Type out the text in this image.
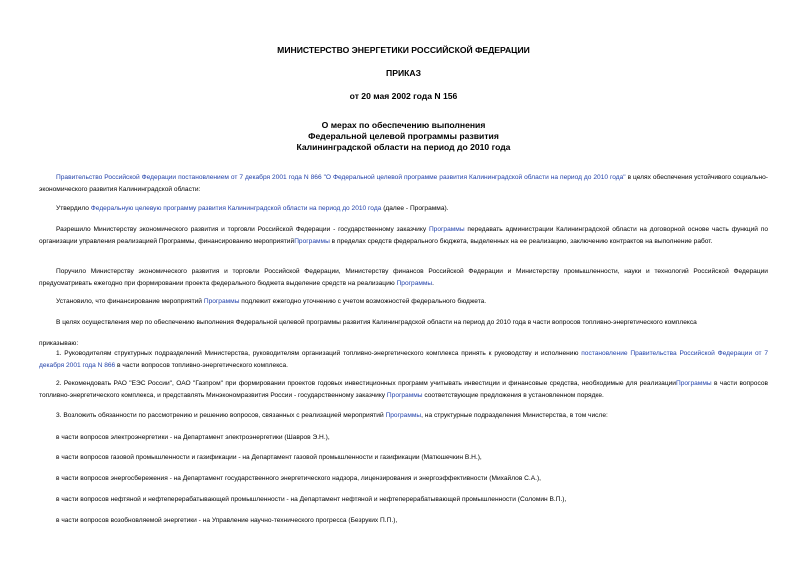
МИНИСТЕРСТВО ЭНЕРГЕТИКИ РОССИЙСКОЙ ФЕДЕРАЦИИ
ПРИКАЗ
от 20 мая 2002 года N 156
О мерах по обеспечению выполнения
Федеральной целевой программы развития
Калининградской области на период до 2010 года

Правительство Российской Федерации постановлением от 7 декабря 2001 года N 866 "О Федеральной целевой программе развития Калининградской области на период до 2010 года" в целях обеспечения устойчивого социально-экономического развития Калининградской области:

Утвердило Федеральную целевую программу развития Калининградской области на период до 2010 года (далее - Программа).

Разрешило Министерству экономического развития и торговли Российской Федерации - государственному заказчику Программы передавать администрации Калининградской области на договорной основе часть функций по организации управления реализацией Программы, финансированию мероприятийПрограммы в пределах средств федерального бюджета, выделенных на ее реализацию, заключению контрактов на выполнение работ.

Поручило Министерству экономического развития и торговли Российской Федерации, Министерству финансов Российской Федерации и Министерству промышленности, науки и технологий Российской Федерации предусматривать ежегодно при формировании проекта федерального бюджета выделение средств на реализацию Программы.

Установило, что финансирование мероприятий Программы подлежит ежегодно уточнению с учетом возможностей федерального бюджета.

В целях осуществления мер по обеспечению выполнения Федеральной целевой программы развития Калининградской области на период до 2010 года в части вопросов топливно-энергетического комплекса

приказываю:

1. Руководителям структурных подразделений Министерства, руководителям организаций топливно-энергетического комплекса принять к руководству и исполнению постановление Правительства Российской Федерации от 7 декабря 2001 года N 866 в части вопросов топливно-энергетического комплекса.

2. Рекомендовать РАО "ЕЭС России", ОАО "Газпром" при формировании проектов годовых инвестиционных программ учитывать инвестиции и финансовые средства, необходимые для реализацииПрограммы в части вопросов топливно-энергетического комплекса, и представлять Минэкономразвития России - государственному заказчику Программы соответствующие предложения в установленном порядке.

3. Возложить обязанности по рассмотрению и решению вопросов, связанных с реализацией мероприятий Программы, на структурные подразделения Министерства, в том числе:

в части вопросов электроэнергетики - на Департамент электроэнергетики (Шавров Э.Н.),

в части вопросов газовой промышленности и газификации - на Департамент газовой промышленности и газификации (Матюшечкин В.Н.),

в части вопросов энергосбережения - на Департамент государственного энергетического надзора, лицензирования и энергоэффективности (Михайлов С.А.),

в части вопросов нефтяной и нефтеперерабатывающей промышленности - на Департамент нефтяной и нефтеперерабатывающей промышленности (Соломин В.П.),

в части вопросов возобновляемой энергетики - на Управление научно-технического прогресса (Безруких П.П.),
